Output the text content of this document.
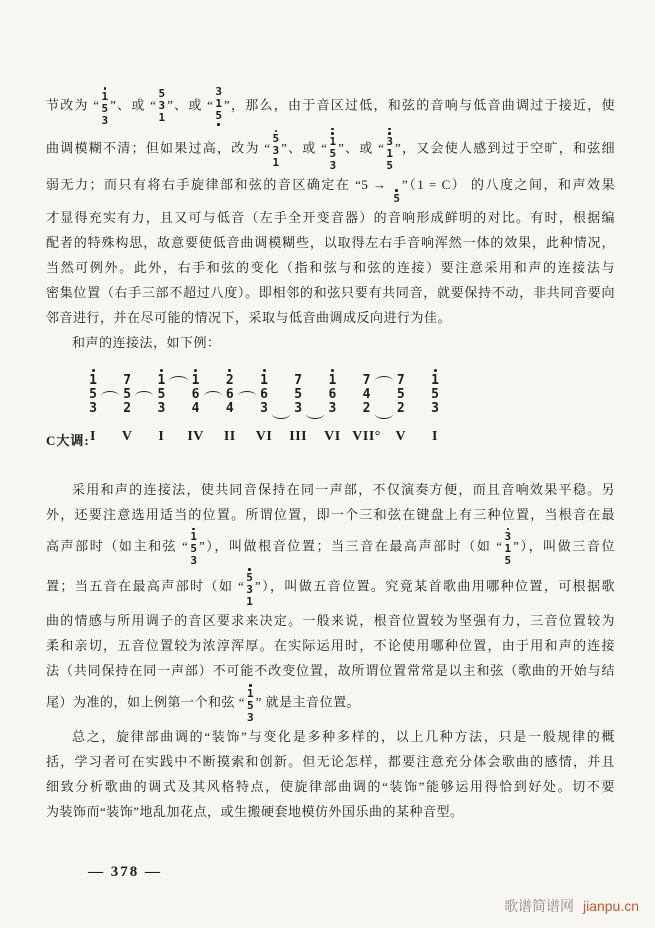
节改为 “
1
5
3
”、或 “
5
3
1
”、或 “
3
1
5
”，那么，由于音区过低，和弦的音响与低音曲调过于接近，使
曲调模糊不清；但如果过高，改为 “
5
3
1
”、或 “ 1
5
3
”、或 “ 3
1
5
”，又会使人感到过于空旷，和弦细
弱无力；而只有将右手旋律部和弦的音区确定在 “5 →
5
”（1 = C） 的八度之间，和声效果
才显得充实有力，且又可与低音（左手全开变音器）的音响形成鲜明的对比。有时，根据编
配者的特殊构思，故意要使低音曲调模糊些，以取得左右手音响浑然一体的效果，此种情况，
当然可例外。此外，右手和弦的变化（指和弦与和弦的连接）要注意采用和声的连接法与
密集位置（右手三部不超过八度）。即相邻的和弦只要有共同音，就要保持不动，非共同音要向
邻音进行，并在尽可能的情况下，采取与低音曲调成反向进行为佳。
和声的连接法，如下例：
C大调:
1
5
3
I
7
5
2
V
1
5
3
I
1
6
4
IV
2
6
4
II
1
6
3
VI
7
5
3
III
1
6
3
VI
7
4
2
VII°
7
5
2
V
1
5
3
I
采用和声的连接法，使共同音保持在同一声部，不仅演奏方便，而且音响效果平稳。另
外，还要注意选用适当的位置。所谓位置，即一个三和弦在键盘上有三种位置，当根音在最
高声部时（如主和弦 “
1
5
3
”），叫做根音位置；当三音在最高声部时（如 “
3
1
5
”），叫做三音位
置；当五音在最高声部时（如 “
5
3
1
”），叫做五音位置。究竟某首歌曲用哪种位置，可根据歌
曲的情感与所用调子的音区要求来决定。一般来说，根音位置较为坚强有力，三音位置较为
柔和亲切，五音位置较为浓淳浑厚。在实际运用时，不论使用哪种位置，由于用和声的连接
法（共同保持在同一声部）不可能不改变位置，故所谓位置常常是以主和弦（歌曲的开始与结
尾）为准的，如上例第一个和弦 “
1
5
3
” 就是主音位置。
总之，旋律部曲调的“装饰”与变化是多种多样的，以上几种方法，只是一般规律的概
括，学习者可在实践中不断摸索和创新。但无论怎样，都要注意充分体会歌曲的感情，并且
细致分析歌曲的调式及其风格特点，使旋律部曲调的“装饰”能够运用得恰到好处。切不要
为装饰而“装饰”地乱加花点，或生搬硬套地模仿外国乐曲的某种音型。
— 378 —
歌谱简谱网 jianpu.cn
